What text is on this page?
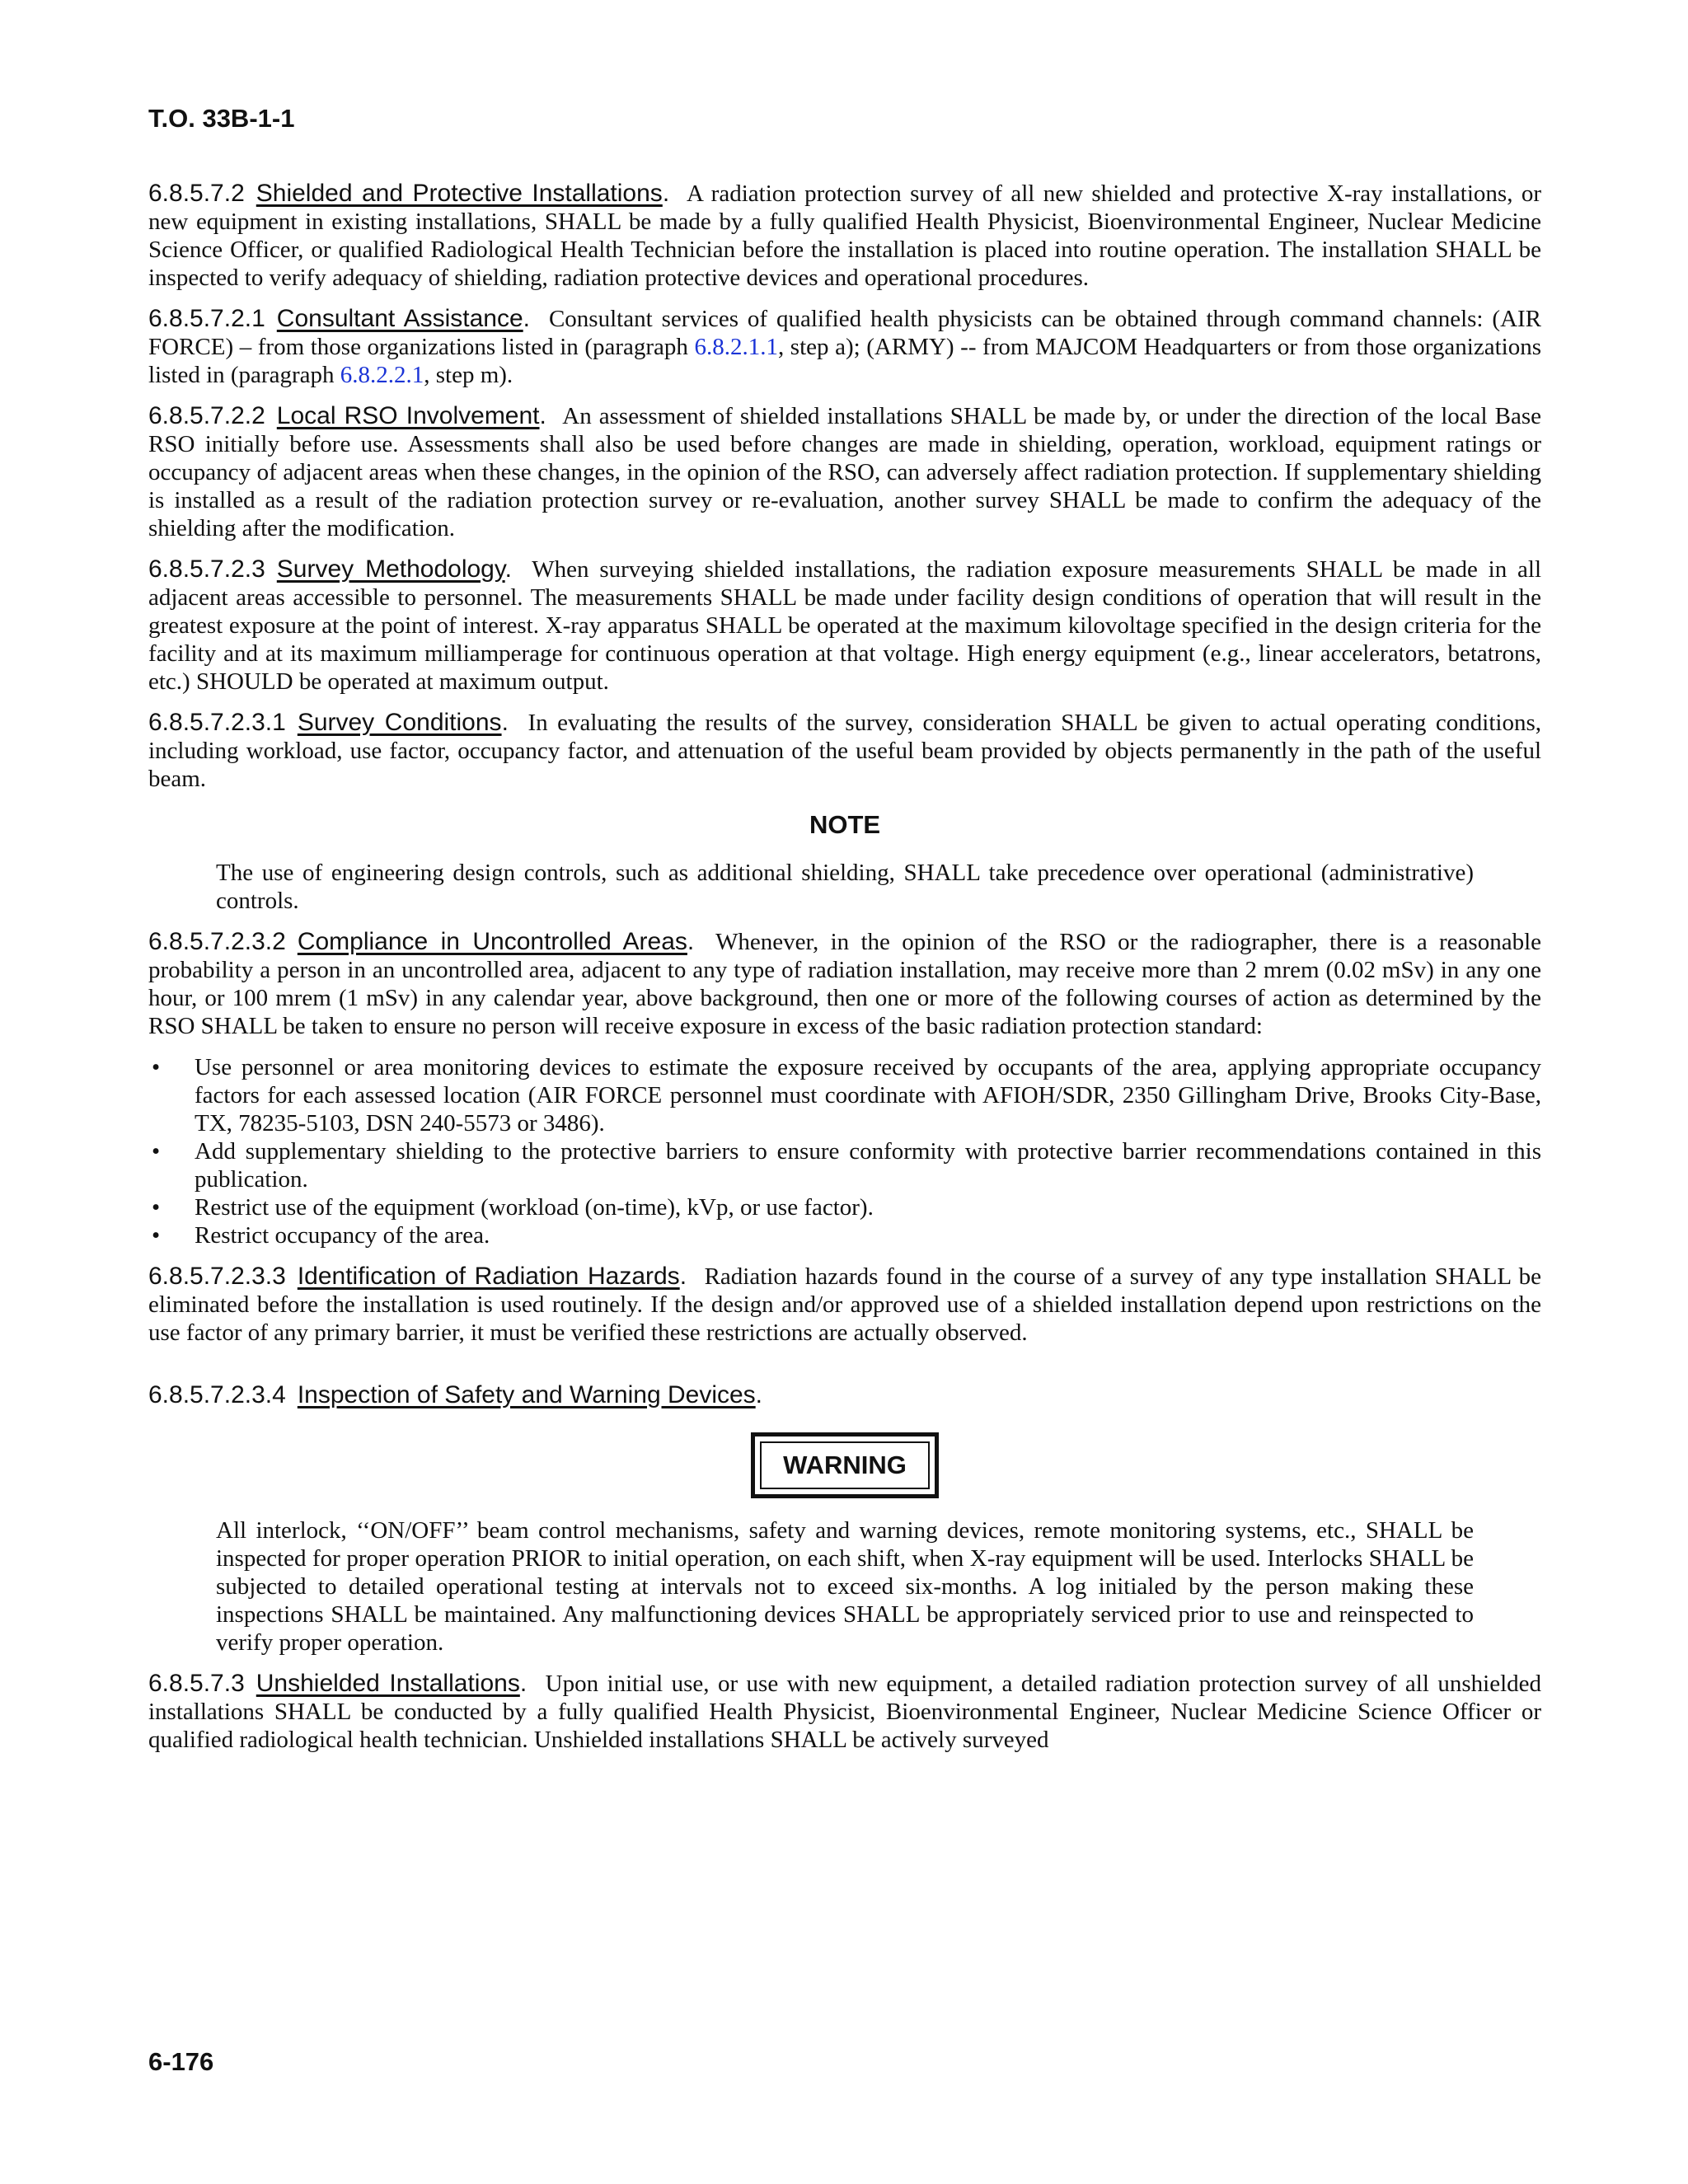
T.O. 33B-1-1

6.8.5.7.2 Shielded and Protective Installations. A radiation protection survey of all new shielded and protective X-ray installations, or new equipment in existing installations, SHALL be made by a fully qualified Health Physicist, Bioenvironmental Engineer, Nuclear Medicine Science Officer, or qualified Radiological Health Technician before the installation is placed into routine operation. The installation SHALL be inspected to verify adequacy of shielding, radiation protective devices and operational procedures.

6.8.5.7.2.1 Consultant Assistance. Consultant services of qualified health physicists can be obtained through command channels: (AIR FORCE) – from those organizations listed in (paragraph 6.8.2.1.1, step a); (ARMY) -- from MAJCOM Headquarters or from those organizations listed in (paragraph 6.8.2.2.1, step m).

6.8.5.7.2.2 Local RSO Involvement. An assessment of shielded installations SHALL be made by, or under the direction of the local Base RSO initially before use. Assessments shall also be used before changes are made in shielding, operation, workload, equipment ratings or occupancy of adjacent areas when these changes, in the opinion of the RSO, can adversely affect radiation protection. If supplementary shielding is installed as a result of the radiation protection survey or re-evaluation, another survey SHALL be made to confirm the adequacy of the shielding after the modification.

6.8.5.7.2.3 Survey Methodology. When surveying shielded installations, the radiation exposure measurements SHALL be made in all adjacent areas accessible to personnel. The measurements SHALL be made under facility design conditions of operation that will result in the greatest exposure at the point of interest. X-ray apparatus SHALL be operated at the maximum kilovoltage specified in the design criteria for the facility and at its maximum milliamperage for continuous operation at that voltage. High energy equipment (e.g., linear accelerators, betatrons, etc.) SHOULD be operated at maximum output.

6.8.5.7.2.3.1 Survey Conditions. In evaluating the results of the survey, consideration SHALL be given to actual operating conditions, including workload, use factor, occupancy factor, and attenuation of the useful beam provided by objects permanently in the path of the useful beam.

NOTE

The use of engineering design controls, such as additional shielding, SHALL take precedence over operational (administrative) controls.

6.8.5.7.2.3.2 Compliance in Uncontrolled Areas. Whenever, in the opinion of the RSO or the radiographer, there is a reasonable probability a person in an uncontrolled area, adjacent to any type of radiation installation, may receive more than 2 mrem (0.02 mSv) in any one hour, or 100 mrem (1 mSv) in any calendar year, above background, then one or more of the following courses of action as determined by the RSO SHALL be taken to ensure no person will receive exposure in excess of the basic radiation protection standard:

• Use personnel or area monitoring devices to estimate the exposure received by occupants of the area, applying appropriate occupancy factors for each assessed location (AIR FORCE personnel must coordinate with AFIOH/SDR, 2350 Gillingham Drive, Brooks City-Base, TX, 78235-5103, DSN 240-5573 or 3486).
• Add supplementary shielding to the protective barriers to ensure conformity with protective barrier recommendations contained in this publication.
• Restrict use of the equipment (workload (on-time), kVp, or use factor).
• Restrict occupancy of the area.

6.8.5.7.2.3.3 Identification of Radiation Hazards. Radiation hazards found in the course of a survey of any type installation SHALL be eliminated before the installation is used routinely. If the design and/or approved use of a shielded installation depend upon restrictions on the use factor of any primary barrier, it must be verified these restrictions are actually observed.

6.8.5.7.2.3.4 Inspection of Safety and Warning Devices.

WARNING

All interlock, ‘‘ON/OFF’’ beam control mechanisms, safety and warning devices, remote monitoring systems, etc., SHALL be inspected for proper operation PRIOR to initial operation, on each shift, when X-ray equipment will be used. Interlocks SHALL be subjected to detailed operational testing at intervals not to exceed six-months. A log initialed by the person making these inspections SHALL be maintained. Any malfunctioning devices SHALL be appropriately serviced prior to use and reinspected to verify proper operation.

6.8.5.7.3 Unshielded Installations. Upon initial use, or use with new equipment, a detailed radiation protection survey of all unshielded installations SHALL be conducted by a fully qualified Health Physicist, Bioenvironmental Engineer, Nuclear Medicine Science Officer or qualified radiological health technician. Unshielded installations SHALL be actively surveyed

6-176
